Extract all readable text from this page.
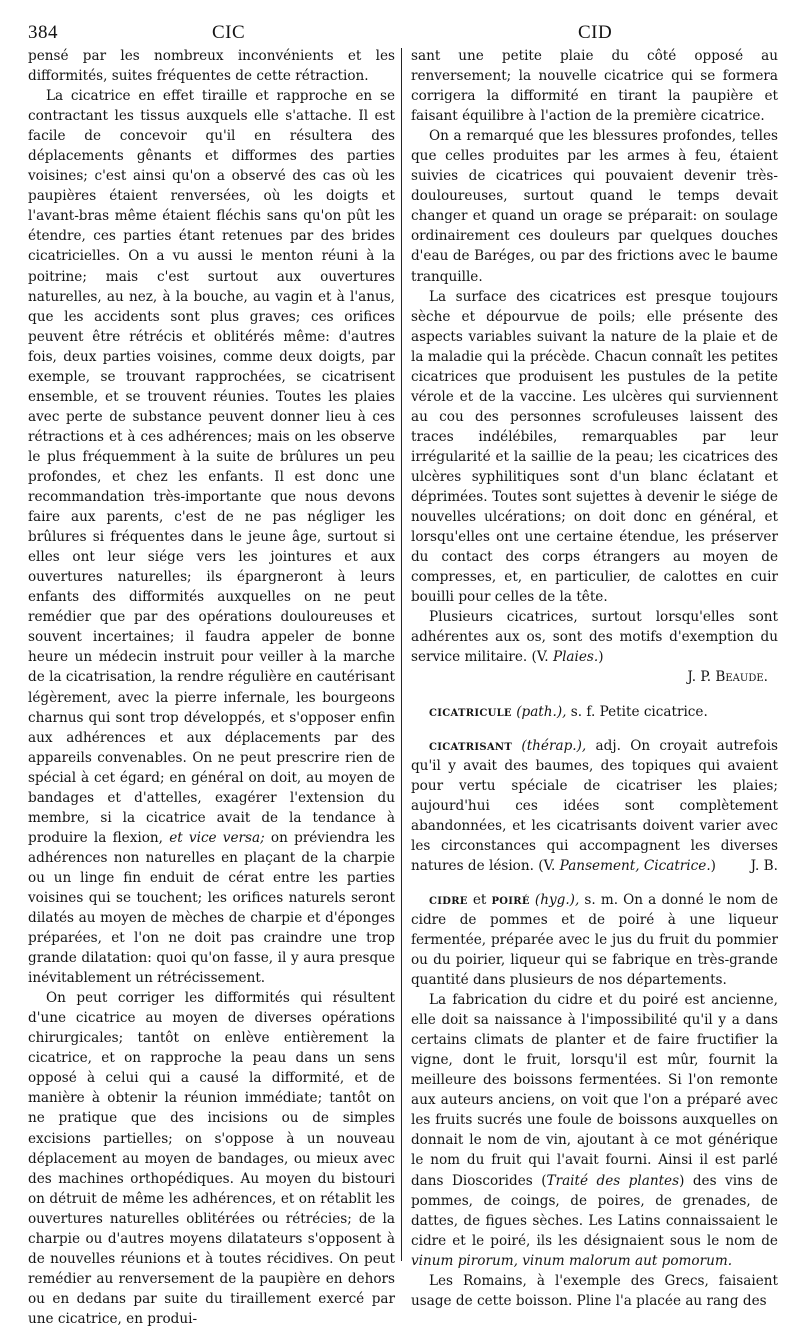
384	CIC	CID

pensé par les nombreux inconvénients et les difformités, suites fréquentes de cette rétraction.

La cicatrice en effet tiraille et rapproche en se contractant les tissus auxquels elle s'attache. Il est facile de concevoir qu'il en résultera des déplacements gênants et difformes des parties voisines; c'est ainsi qu'on a observé des cas où les paupières étaient renversées, où les doigts et l'avant-bras même étaient fléchis sans qu'on pût les étendre, ces parties étant retenues par des brides cicatricielles. On a vu aussi le menton réuni à la poitrine; mais c'est surtout aux ouvertures naturelles, au nez, à la bouche, au vagin et à l'anus, que les accidents sont plus graves; ces orifices peuvent être rétrécis et oblitérés même: d'autres fois, deux parties voisines, comme deux doigts, par exemple, se trouvant rapprochées, se cicatrisent ensemble, et se trouvent réunies. Toutes les plaies avec perte de substance peuvent donner lieu à ces rétractions et à ces adhérences; mais on les observe le plus fréquemment à la suite de brûlures un peu profondes, et chez les enfants. Il est donc une recommandation très-importante que nous devons faire aux parents, c'est de ne pas négliger les brûlures si fréquentes dans le jeune âge, surtout si elles ont leur siége vers les jointures et aux ouvertures naturelles; ils épargneront à leurs enfants des difformités auxquelles on ne peut remédier que par des opérations douloureuses et souvent incertaines; il faudra appeler de bonne heure un médecin instruit pour veiller à la marche de la cicatrisation, la rendre régulière en cautérisant légèrement, avec la pierre infernale, les bourgeons charnus qui sont trop développés, et s'opposer enfin aux adhérences et aux déplacements par des appareils convenables. On ne peut prescrire rien de spécial à cet égard; en général on doit, au moyen de bandages et d'attelles, exagérer l'extension du membre, si la cicatrice avait de la tendance à produire la flexion, et vice versa; on préviendra les adhérences non naturelles en plaçant de la charpie ou un linge fin enduit de cérat entre les parties voisines qui se touchent; les orifices naturels seront dilatés au moyen de mèches de charpie et d'éponges préparées, et l'on ne doit pas craindre une trop grande dilatation: quoi qu'on fasse, il y aura presque inévitablement un rétrécissement.

On peut corriger les difformités qui résultent d'une cicatrice au moyen de diverses opérations chirurgicales; tantôt on enlève entièrement la cicatrice, et on rapproche la peau dans un sens opposé à celui qui a causé la difformité, et de manière à obtenir la réunion immédiate; tantôt on ne pratique que des incisions ou de simples excisions partielles; on s'oppose à un nouveau déplacement au moyen de bandages, ou mieux avec des machines orthopédiques. Au moyen du bistouri on détruit de même les adhérences, et on rétablit les ouvertures naturelles oblitérées ou rétrécies; de la charpie ou d'autres moyens dilatateurs s'opposent à de nouvelles réunions et à toutes récidives. On peut remédier au renversement de la paupière en dehors ou en dedans par suite du tiraillement exercé par une cicatrice, en produi-

sant une petite plaie du côté opposé au renversement; la nouvelle cicatrice qui se formera corrigera la difformité en tirant la paupière et faisant équilibre à l'action de la première cicatrice.

On a remarqué que les blessures profondes, telles que celles produites par les armes à feu, étaient suivies de cicatrices qui pouvaient devenir très-douloureuses, surtout quand le temps devait changer et quand un orage se préparait: on soulage ordinairement ces douleurs par quelques douches d'eau de Baréges, ou par des frictions avec le baume tranquille.

La surface des cicatrices est presque toujours sèche et dépourvue de poils; elle présente des aspects variables suivant la nature de la plaie et de la maladie qui la précède. Chacun connaît les petites cicatrices que produisent les pustules de la petite vérole et de la vaccine. Les ulcères qui surviennent au cou des personnes scrofuleuses laissent des traces indélébiles, remarquables par leur irrégularité et la saillie de la peau; les cicatrices des ulcères syphilitiques sont d'un blanc éclatant et déprimées. Toutes sont sujettes à devenir le siége de nouvelles ulcérations; on doit donc en général, et lorsqu'elles ont une certaine étendue, les préserver du contact des corps étrangers au moyen de compresses, et, en particulier, de calottes en cuir bouilli pour celles de la tête.

Plusieurs cicatrices, surtout lorsqu'elles sont adhérentes aux os, sont des motifs d'exemption du service militaire. (V. Plaies.)

J. P. Beaude.

cicatricule (path.), s. f. Petite cicatrice.

cicatrisant (thérap.), adj. On croyait autrefois qu'il y avait des baumes, des topiques qui avaient pour vertu spéciale de cicatriser les plaies; aujourd'hui ces idées sont complètement abandonnées, et les cicatrisants doivent varier avec les circonstances qui accompagnent les diverses natures de lésion. (V. Pansement, Cicatrice.)	J. B.

cidre et poiré (hyg.), s. m. On a donné le nom de cidre de pommes et de poiré à une liqueur fermentée, préparée avec le jus du fruit du pommier ou du poirier, liqueur qui se fabrique en très-grande quantité dans plusieurs de nos départements.

La fabrication du cidre et du poiré est ancienne, elle doit sa naissance à l'impossibilité qu'il y a dans certains climats de planter et de faire fructifier la vigne, dont le fruit, lorsqu'il est mûr, fournit la meilleure des boissons fermentées. Si l'on remonte aux auteurs anciens, on voit que l'on a préparé avec les fruits sucrés une foule de boissons auxquelles on donnait le nom de vin, ajoutant à ce mot générique le nom du fruit qui l'avait fourni. Ainsi il est parlé dans Dioscorides (Traité des plantes) des vins de pommes, de coings, de poires, de grenades, de dattes, de figues sèches. Les Latins connaissaient le cidre et le poiré, ils les désignaient sous le nom de vinum pirorum, vinum malorum aut pomorum.

Les Romains, à l'exemple des Grecs, faisaient usage de cette boisson. Pline l'a placée au rang des
